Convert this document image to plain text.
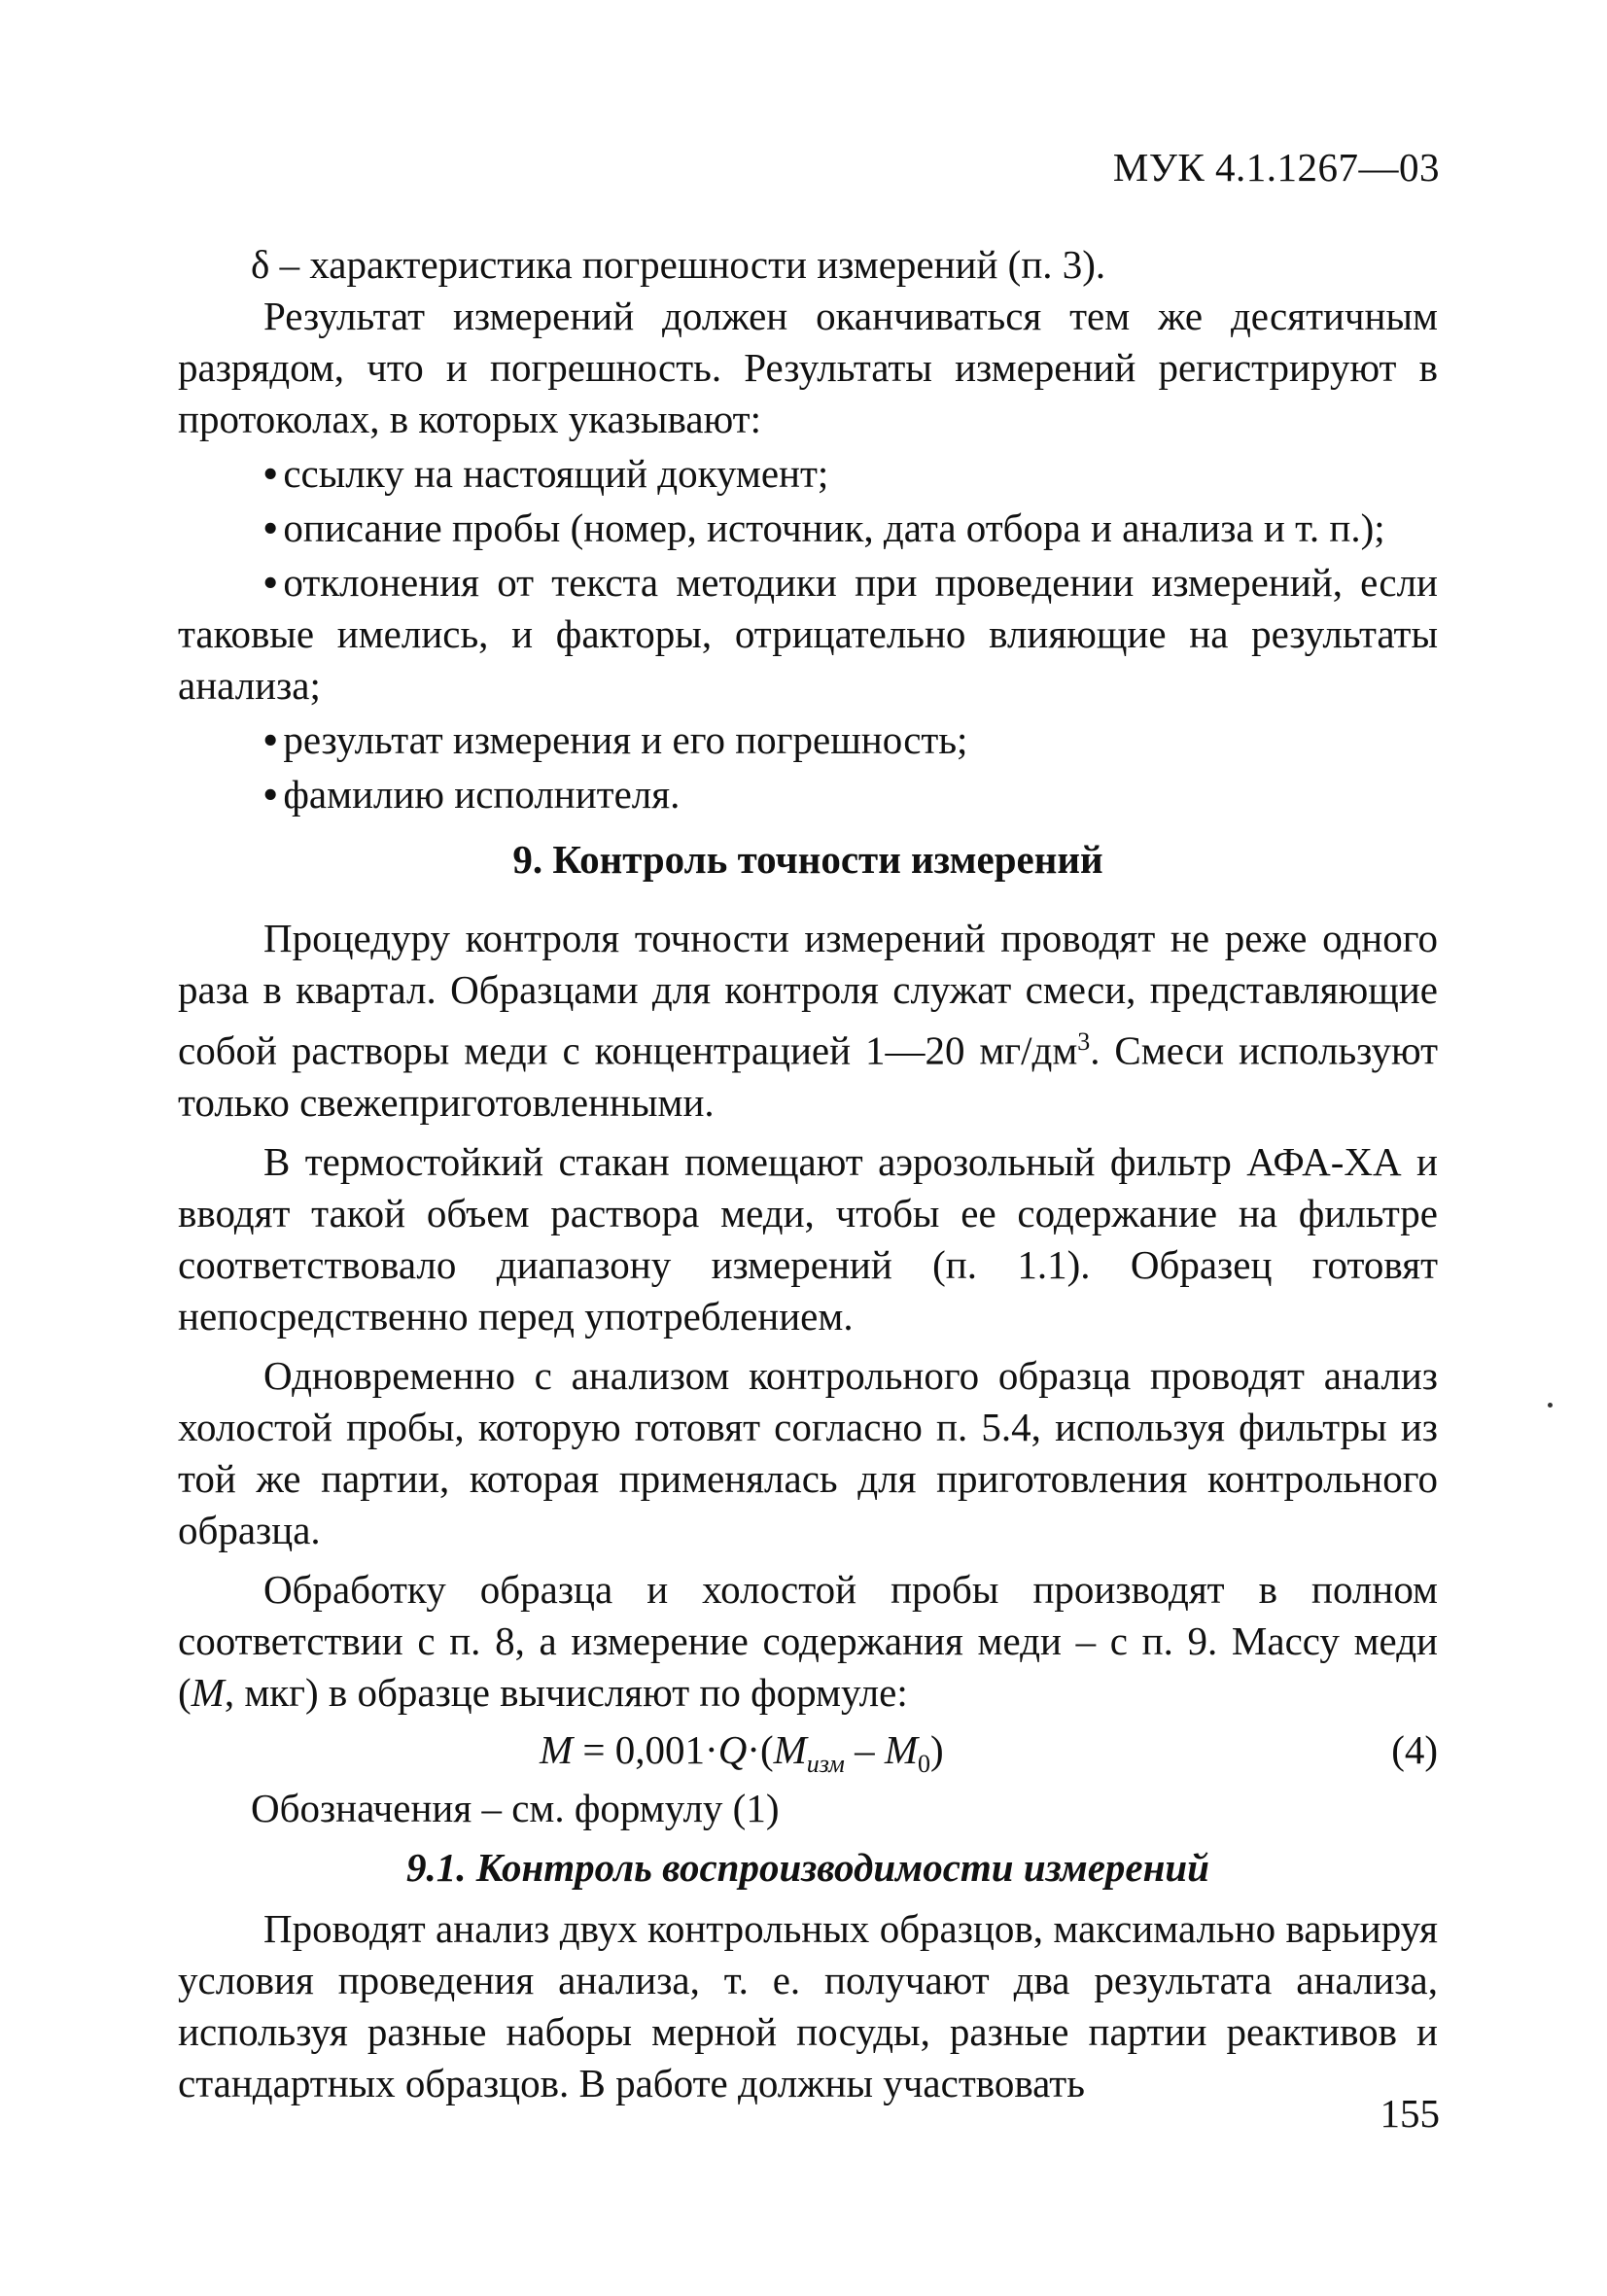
МУК 4.1.1267—03

δ – характеристика погрешности измерений (п. 3).

Результат измерений должен оканчиваться тем же десятичным разрядом, что и погрешность. Результаты измерений регистрируют в протоколах, в которых указывают:

• ссылку на настоящий документ;

• описание пробы (номер, источник, дата отбора и анализа и т. п.);

• отклонения от текста методики при проведении измерений, если таковые имелись, и факторы, отрицательно влияющие на результаты анализа;

• результат измерения и его погрешность;

• фамилию исполнителя.

9. Контроль точности измерений

Процедуру контроля точности измерений проводят не реже одного раза в квартал. Образцами для контроля служат смеси, представляющие собой растворы меди с концентрацией 1—20 $мг/дм^3$. Смеси используют только свежеприготовленными.

В термостойкий стакан помещают аэрозольный фильтр АФА-ХА и вводят такой объем раствора меди, чтобы ее содержание на фильтре соответствовало диапазону измерений (п. 1.1). Образец готовят непосредственно перед употреблением.

Одновременно с анализом контрольного образца проводят анализ холостой пробы, которую готовят согласно п. 5.4, используя фильтры из той же партии, которая применялась для приготовления контрольного образца.

Обработку образца и холостой пробы производят в полном соответствии с п. 8, а измерение содержания меди – с п. 9. Массу меди (M, мкг) в образце вычисляют по формуле:

$M = 0,001\cdot Q\cdot(M_{изм} - M_0)$	(4)

Обозначения – см. формулу (1)

9.1. Контроль воспроизводимости измерений

Проводят анализ двух контрольных образцов, максимально варьируя условия проведения анализа, т. е. получают два результата анализа, используя разные наборы мерной посуды, разные партии реактивов и стандартных образцов. В работе должны участвовать

155
